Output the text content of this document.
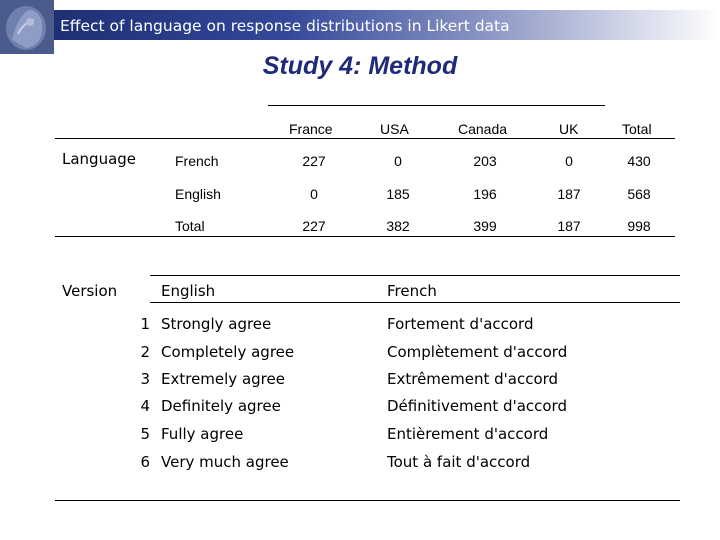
Effect of language on response distributions in Likert data
Study 4: Method
France	USA	Canada	UK	Total
Language	French	227	0	203	0	430
English	0	185	196	187	568
Total	227	382	399	187	998
Version	English	French
1 Strongly agree	Fortement d'accord
2 Completely agree	Complètement d'accord
3 Extremely agree	Extrêmement d'accord
4 Definitely agree	Définitivement d'accord
5 Fully agree	Entièrement d'accord
6 Very much agree	Tout à fait d'accord
